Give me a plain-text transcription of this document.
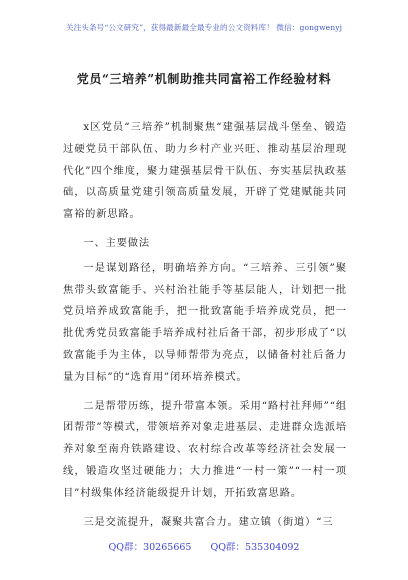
关注头条号“公文研究”，获得最新最全最专业的公文资料库！ 微信：gongwenyj
党员“三培养”机制助推共同富裕工作经验材料

x区党员“三培养”机制聚焦“建强基层战斗堡垒、锻造过硬党员干部队伍、助力乡村产业兴旺、推动基层治理现代化”四个维度，聚力建强基层骨干队伍、夯实基层执政基础，以高质量党建引领高质量发展，开辟了党建赋能共同富裕的新思路。

一、主要做法

一是谋划路径，明确培养方向。“三培养、三引领”聚焦带头致富能手、兴村治社能手等基层能人，计划把一批党员培养成致富能手，把一批致富能手培养成党员，把一批优秀党员致富能手培养成村社后备干部，初步形成了“以致富能手为主体，以导师帮带为亮点，以储备村社后备力量为目标”的“选育用”闭环培养模式。

二是帮带历练，提升带富本领。采用“路村社拜师”“组团帮带”等模式，带领培养对象走进基层、走进群众选派培养对象至南舟铁路建设、农村综合改革等经济社会发展一线，锻造攻坚过硬能力；大力推进“一村一策”“一村一项目”村级集体经济能级提升计划，开拓致富思路。

三是交流提升，凝聚共富合力。建立镇（街道）“三

QQ群：30265665 QQ群：535304092
